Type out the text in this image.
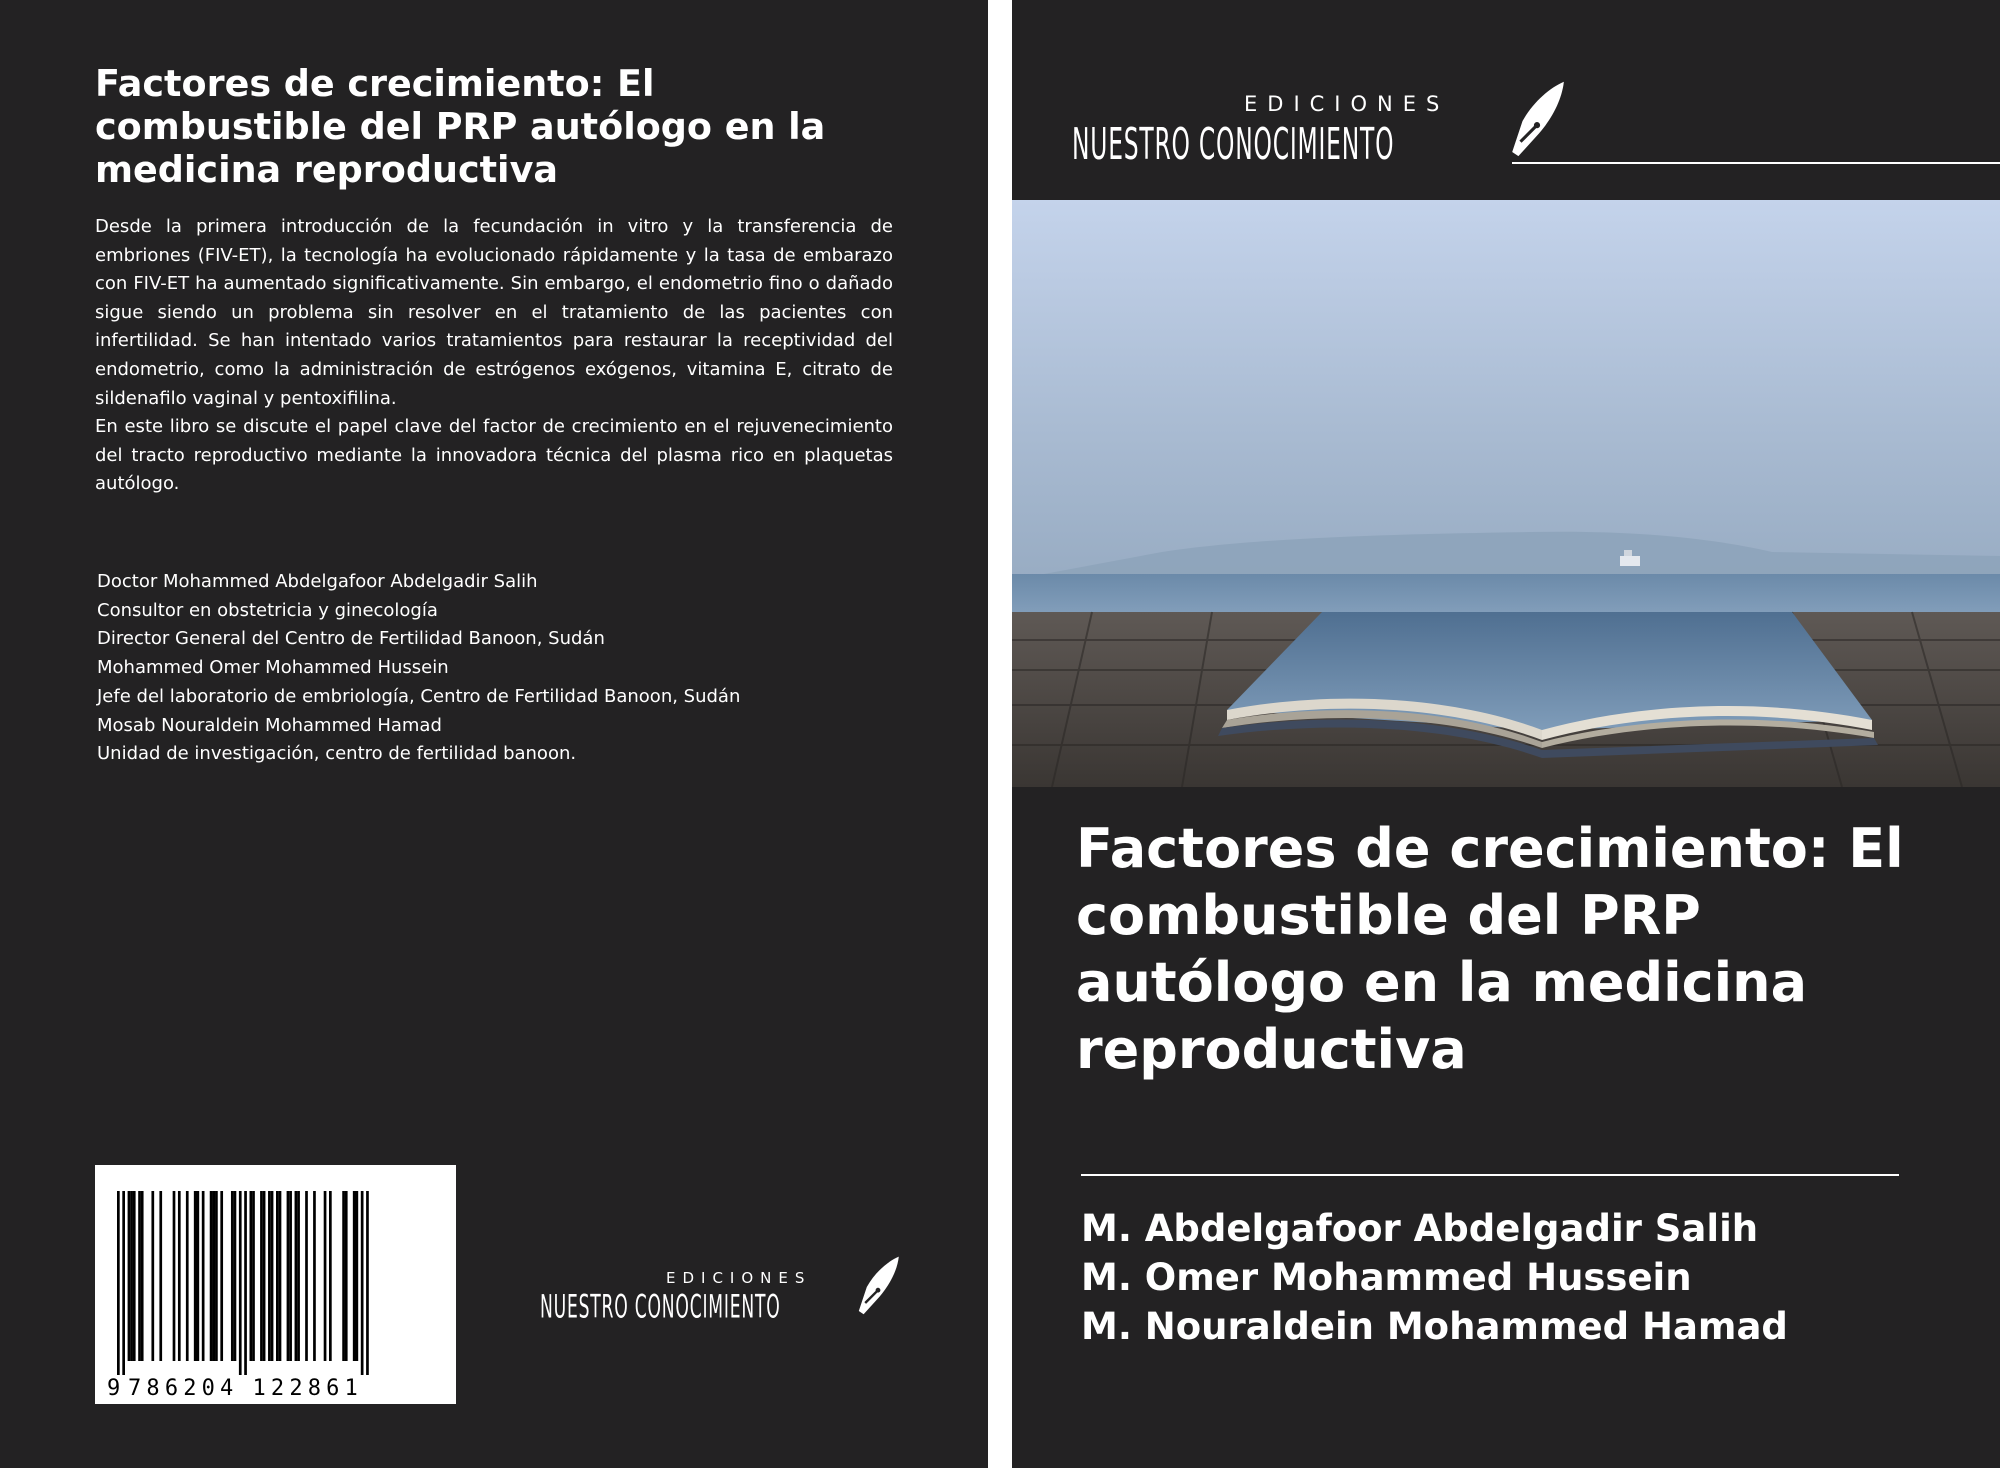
Factores de crecimiento: El combustible del PRP autólogo en la medicina reproductiva

Desde la primera introducción de la fecundación in vitro y la transferencia de embriones (FIV-ET), la tecnología ha evolucionado rápidamente y la tasa de embarazo con FIV-ET ha aumentado significativamente. Sin embargo, el endometrio fino o dañado sigue siendo un problema sin resolver en el tratamiento de las pacientes con infertilidad. Se han intentado varios tratamientos para restaurar la receptividad del endometrio, como la administración de estrógenos exógenos, vitamina E, citrato de sildenafilo vaginal y pentoxifilina.

En este libro se discute el papel clave del factor de crecimiento en el rejuvenecimiento del tracto reproductivo mediante la innovadora técnica del plasma rico en plaquetas autólogo.

Doctor Mohammed Abdelgafoor Abdelgadir Salih
Consultor en obstetricia y ginecología
Director General del Centro de Fertilidad Banoon, Sudán
Mohammed Omer Mohammed Hussein
Jefe del laboratorio de embriología, Centro de Fertilidad Banoon, Sudán
Mosab Nouraldein Mohammed Hamad
Unidad de investigación, centro de fertilidad banoon.
9 786204 122861
EDICIONES
NUESTRO CONOCIMIENTO
EDICIONES
NUESTRO CONOCIMIENTO
Factores de crecimiento: El combustible del PRP autólogo en la medicina reproductiva
M. Abdelgafoor Abdelgadir Salih
M. Omer Mohammed Hussein
M. Nouraldein Mohammed Hamad
